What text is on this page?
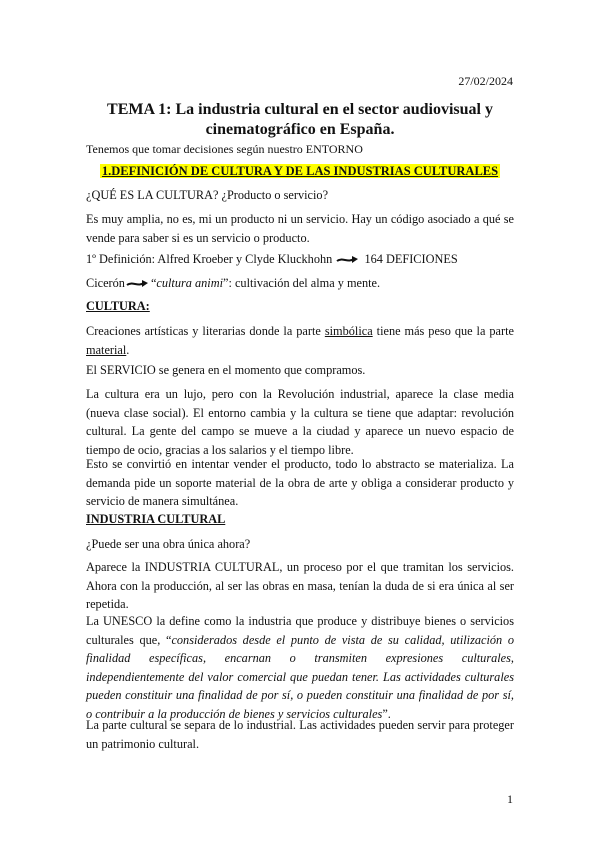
27/02/2024
TEMA 1: La industria cultural en el sector audiovisual y
cinematográfico en España.
Tenemos que tomar decisiones según nuestro ENTORNO
1.DEFINICIÓN DE CULTURA Y DE LAS INDUSTRIAS CULTURALES
¿QUÉ ES LA CULTURA? ¿Producto o servicio?
Es muy amplia, no es, mi un producto ni un servicio. Hay un código asociado a qué se vende para saber si es un servicio o producto.
1º Definición: Alfred Kroeber y Clyde Kluckhohn	164 DEFICIONES
Cicerón “cultura animi”: cultivación del alma y mente.
CULTURA:
Creaciones artísticas y literarias donde la parte simbólica tiene más peso que la parte material.
El SERVICIO se genera en el momento que compramos.
La cultura era un lujo, pero con la Revolución industrial, aparece la clase media (nueva clase social). El entorno cambia y la cultura se tiene que adaptar: revolución cultural. La gente del campo se mueve a la ciudad y aparece un nuevo espacio de tiempo de ocio, gracias a los salarios y el tiempo libre.
Esto se convirtió en intentar vender el producto, todo lo abstracto se materializa. La demanda pide un soporte material de la obra de arte y obliga a considerar producto y servicio de manera simultánea.
INDUSTRIA CULTURAL
¿Puede ser una obra única ahora?
Aparece la INDUSTRIA CULTURAL, un proceso por el que tramitan los servicios. Ahora con la producción, al ser las obras en masa, tenían la duda de si era única al ser repetida.
La UNESCO la define como la industria que produce y distribuye bienes o servicios culturales que, “considerados desde el punto de vista de su calidad, utilización o finalidad específicas, encarnan o transmiten expresiones culturales, independientemente del valor comercial que puedan tener. Las actividades culturales pueden constituir una finalidad de por sí, o pueden constituir una finalidad de por sí, o contribuir a la producción de bienes y servicios culturales”.
La parte cultural se separa de lo industrial. Las actividades pueden servir para proteger un patrimonio cultural.
1
